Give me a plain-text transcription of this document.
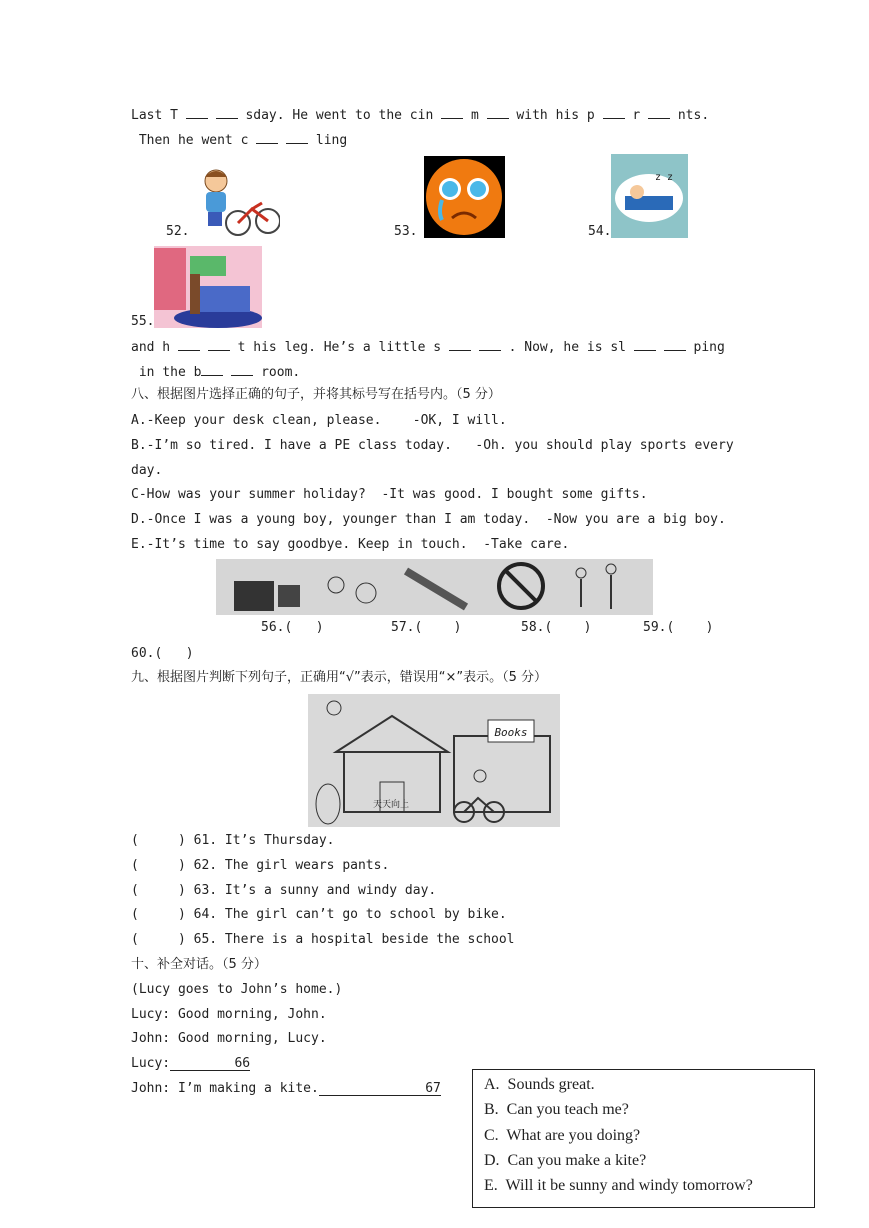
Last T	sday. He went to the cin  m  with his p  r  nts.
Then he went c	ling
52.	53.	54.
z z
55.
and h	t his leg. He’s a little s	. Now, he is sl	ping
in the b	room.
八、根据图片选择正确的句子，并将其标号写在括号内。（5 分）
A.-Keep your desk clean, please.    -OK, I will.
B.-I’m so tired. I have a PE class today.   -Oh. you should play sports every
day.
C-How was your summer holiday?  -It was good. I bought some gifts.
D.-Once I was a young boy, younger than I am today.  -Now you are a big boy.
E.-It’s time to say goodbye. Keep in touch.  -Take care.
56.(   )	57.(    )	58.(    )	59.(    )
60.(   )
九、根据图片判断下列句子，正确用“√”表示，错误用“×”表示。（5 分）
天天向上
Books
(     ) 61. It’s Thursday.
(     ) 62. The girl wears pants.
(     ) 63. It’s a sunny and windy day.
(     ) 64. The girl can’t go to school by bike.
(     ) 65. There is a hospital beside the school
十、补全对话。（5 分）
(Lucy goes to John’s home.)
Lucy: Good morning, John.
John: Good morning, Lucy.
Lucy:	66
John: I’m making a kite.	67	A.  Sounds great.
B.  Can you teach me?
C.  What are you doing?
D.  Can you make a kite?
E.  Will it be sunny and windy tomorrow?
